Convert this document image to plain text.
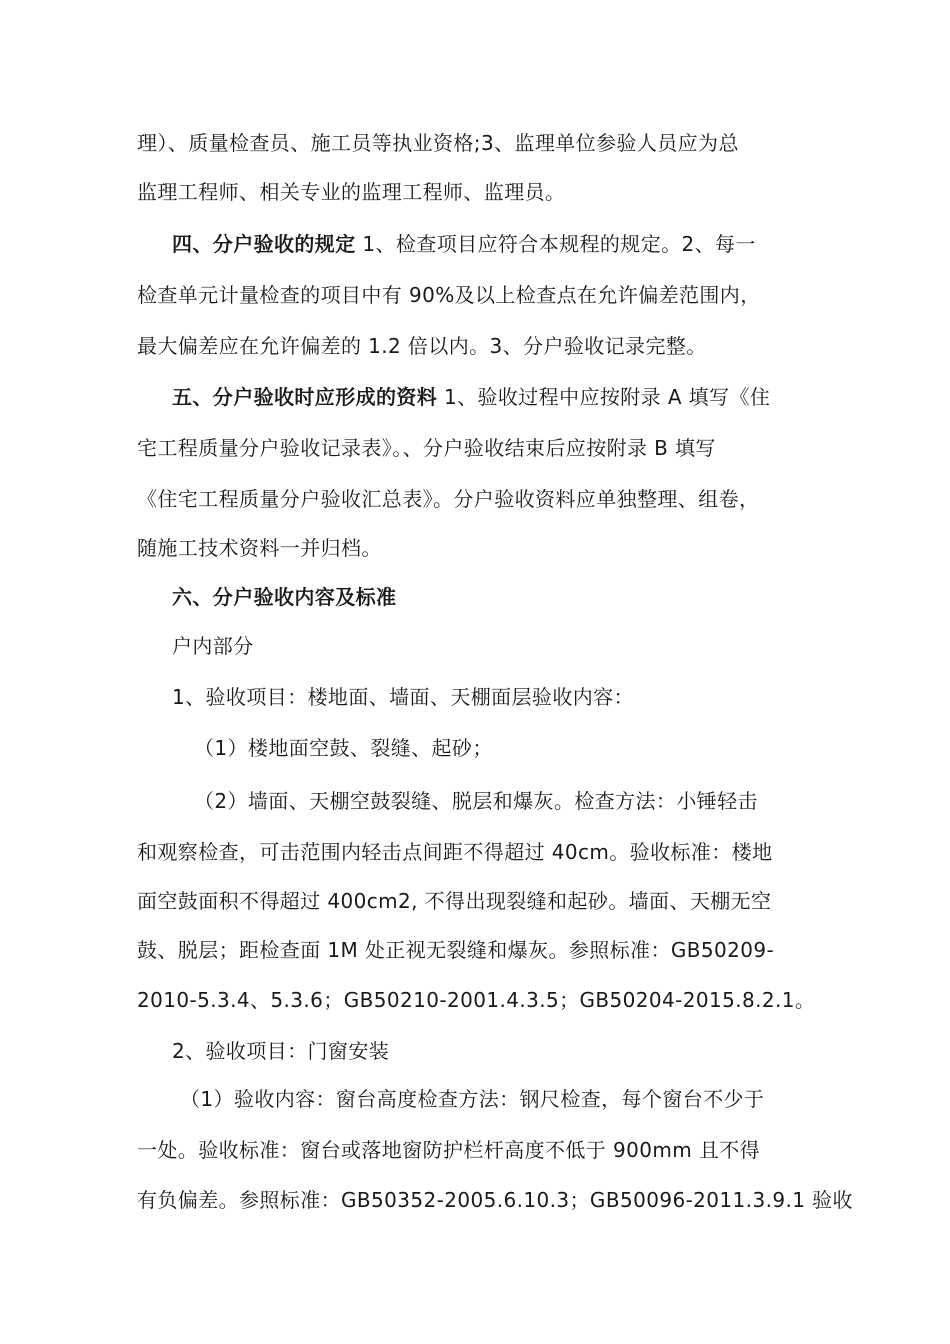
理）、质量检查员、施工员等执业资格;3、监理单位参验人员应为总
监理工程师、相关专业的监理工程师、监理员。
四、分户验收的规定 1、检查项目应符合本规程的规定。2、每一
检查单元计量检查的项目中有 90%及以上检查点在允许偏差范围内，
最大偏差应在允许偏差的 1.2 倍以内。3、分户验收记录完整。
五、分户验收时应形成的资料 1、验收过程中应按附录 A 填写《住
宅工程质量分户验收记录表》。、分户验收结束后应按附录 B 填写
《住宅工程质量分户验收汇总表》。分户验收资料应单独整理、组卷，
随施工技术资料一并归档。
六、分户验收内容及标准
户内部分
1、验收项目：楼地面、墙面、天棚面层验收内容：
（1）楼地面空鼓、裂缝、起砂；
（2）墙面、天棚空鼓裂缝、脱层和爆灰。检查方法：小锤轻击
和观察检查，可击范围内轻击点间距不得超过 40cm。验收标准：楼地
面空鼓面积不得超过 400cm2, 不得出现裂缝和起砂。墙面、天棚无空
鼓、脱层；距检查面 1M 处正视无裂缝和爆灰。参照标准：GB50209-
2010-5.3.4、5.3.6；GB50210-2001.4.3.5；GB50204-2015.8.2.1。
2、验收项目：门窗安装
（1）验收内容：窗台高度检查方法：钢尺检查，每个窗台不少于
一处。验收标准：窗台或落地窗防护栏杆高度不低于 900mm 且不得
有负偏差。参照标准：GB50352-2005.6.10.3；GB50096-2011.3.9.1 验收
